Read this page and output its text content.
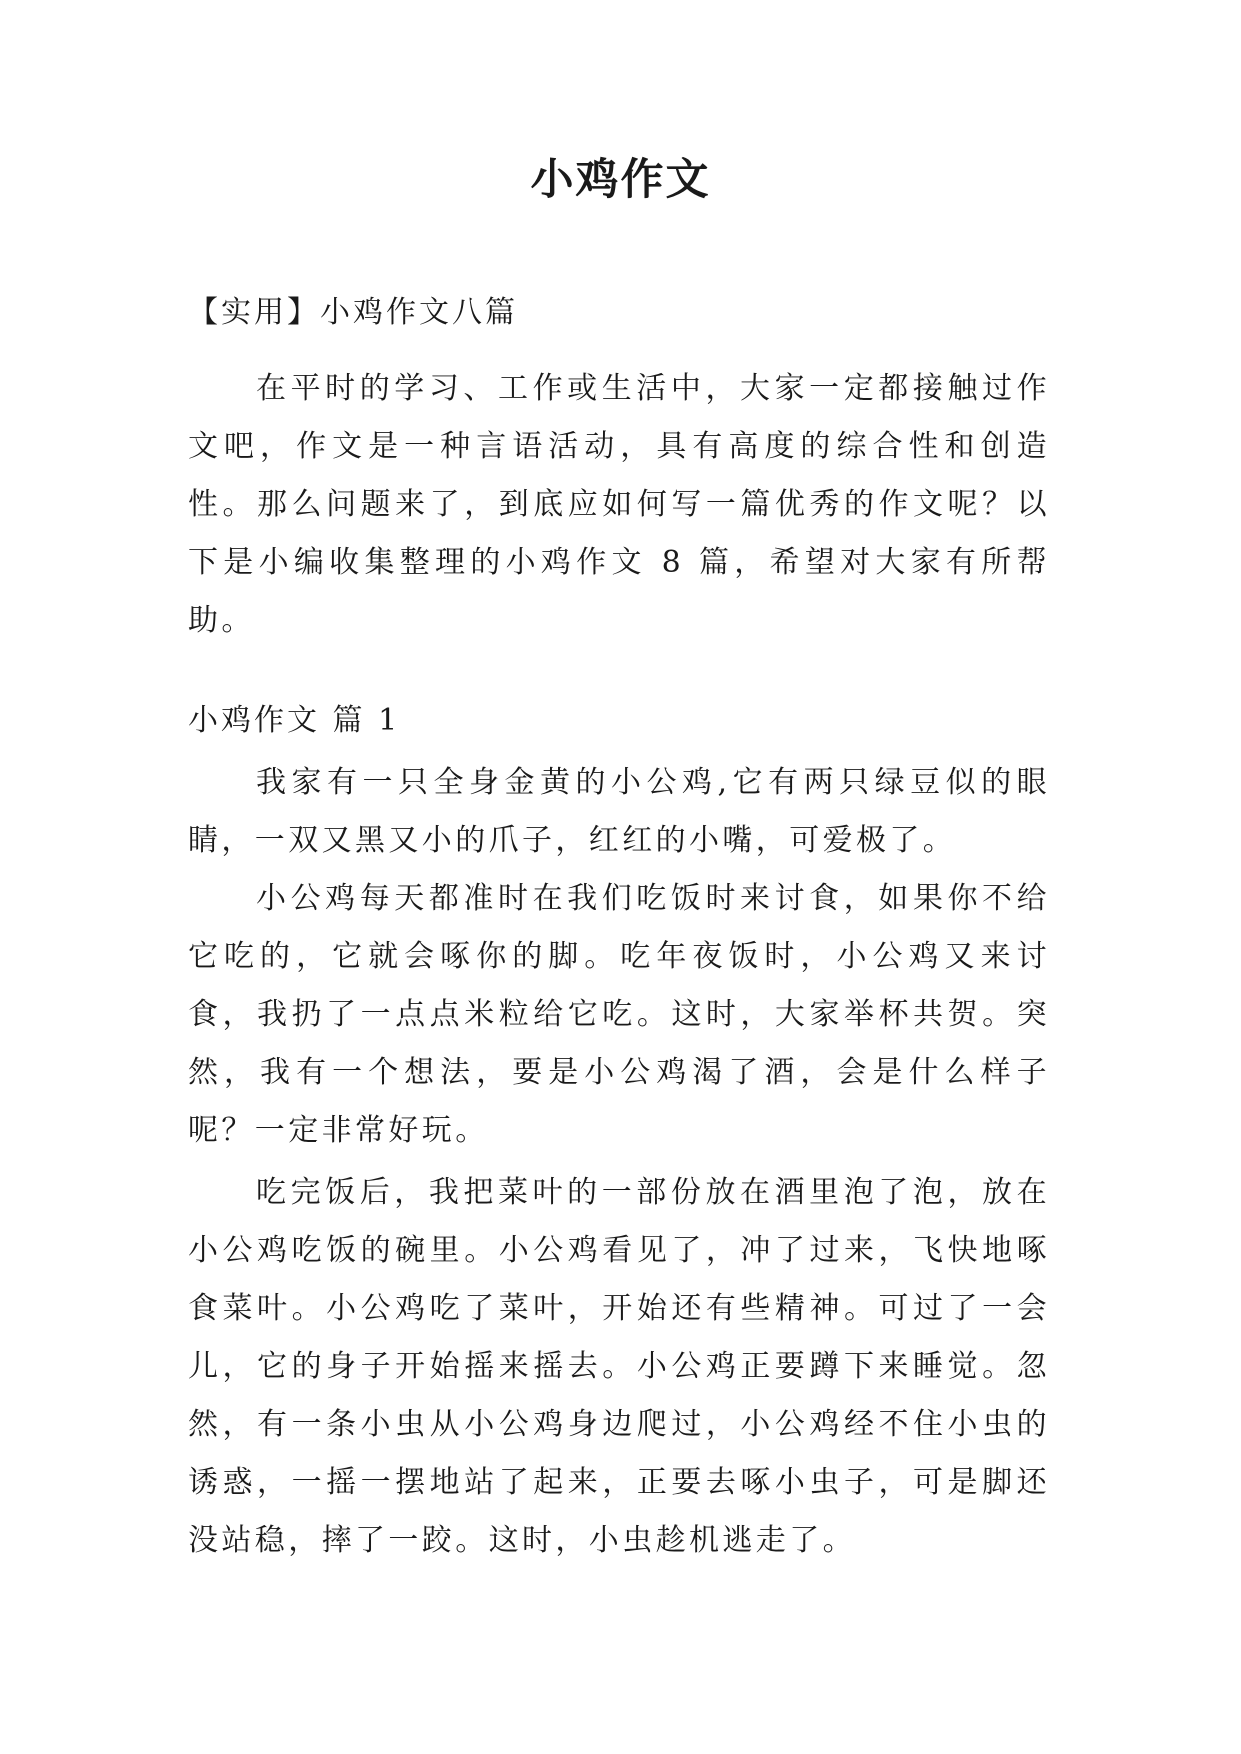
小鸡作文

【实用】小鸡作文八篇

在平时的学习、工作或生活中，大家一定都接触过作文吧，作文是一种言语活动，具有高度的综合性和创造性。那么问题来了，到底应如何写一篇优秀的作文呢？以下是小编收集整理的小鸡作文 8 篇，希望对大家有所帮助。

小鸡作文 篇 1

我家有一只全身金黄的小公鸡,它有两只绿豆似的眼睛，一双又黑又小的爪子，红红的小嘴，可爱极了。

小公鸡每天都准时在我们吃饭时来讨食，如果你不给它吃的，它就会啄你的脚。吃年夜饭时，小公鸡又来讨食，我扔了一点点米粒给它吃。这时，大家举杯共贺。突然，我有一个想法，要是小公鸡渴了酒，会是什么样子呢？一定非常好玩。

吃完饭后，我把菜叶的一部份放在酒里泡了泡，放在小公鸡吃饭的碗里。小公鸡看见了，冲了过来，飞快地啄食菜叶。小公鸡吃了菜叶，开始还有些精神。可过了一会儿，它的身子开始摇来摇去。小公鸡正要蹲下来睡觉。忽然，有一条小虫从小公鸡身边爬过，小公鸡经不住小虫的诱惑，一摇一摆地站了起来，正要去啄小虫子，可是脚还没站稳，摔了一跤。这时，小虫趁机逃走了。
